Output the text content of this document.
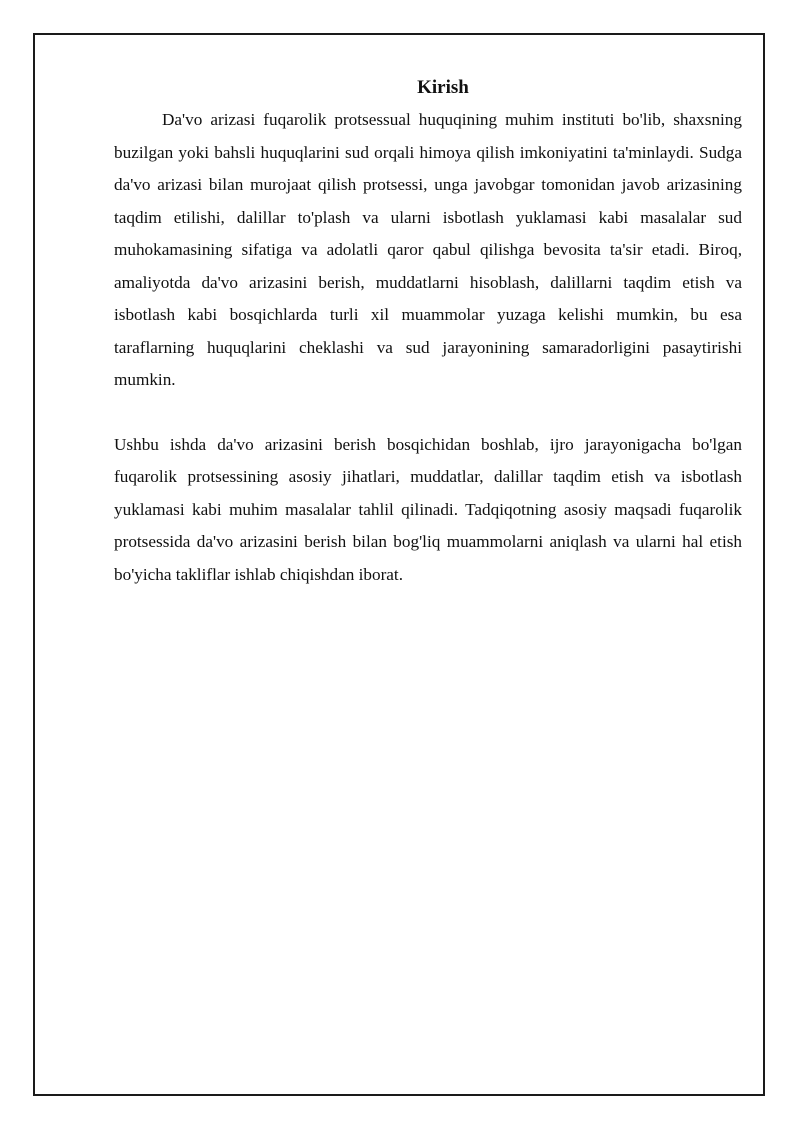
Kirish

Da'vo arizasi fuqarolik protsessual huquqining muhim instituti bo'lib, shaxsning buzilgan yoki bahsli huquqlarini sud orqali himoya qilish imkoniyatini ta'minlaydi. Sudga da'vo arizasi bilan murojaat qilish protsessi, unga javobgar tomonidan javob arizasining taqdim etilishi, dalillar to'plash va ularni isbotlash yuklamasi kabi masalalar sud muhokamasining sifatiga va adolatli qaror qabul qilishga bevosita ta'sir etadi. Biroq, amaliyotda da'vo arizasini berish, muddatlarni hisoblash, dalillarni taqdim etish va isbotlash kabi bosqichlarda turli xil muammolar yuzaga kelishi mumkin, bu esa taraflarning huquqlarini cheklashi va sud jarayonining samaradorligini pasaytirishi mumkin.

Ushbu ishda da'vo arizasini berish bosqichidan boshlab, ijro jarayonigacha bo'lgan fuqarolik protsessining asosiy jihatlari, muddatlar, dalillar taqdim etish va isbotlash yuklamasi kabi muhim masalalar tahlil qilinadi. Tadqiqotning asosiy maqsadi fuqarolik protsessida da'vo arizasini berish bilan bog'liq muammolarni aniqlash va ularni hal etish bo'yicha takliflar ishlab chiqishdan iborat.
